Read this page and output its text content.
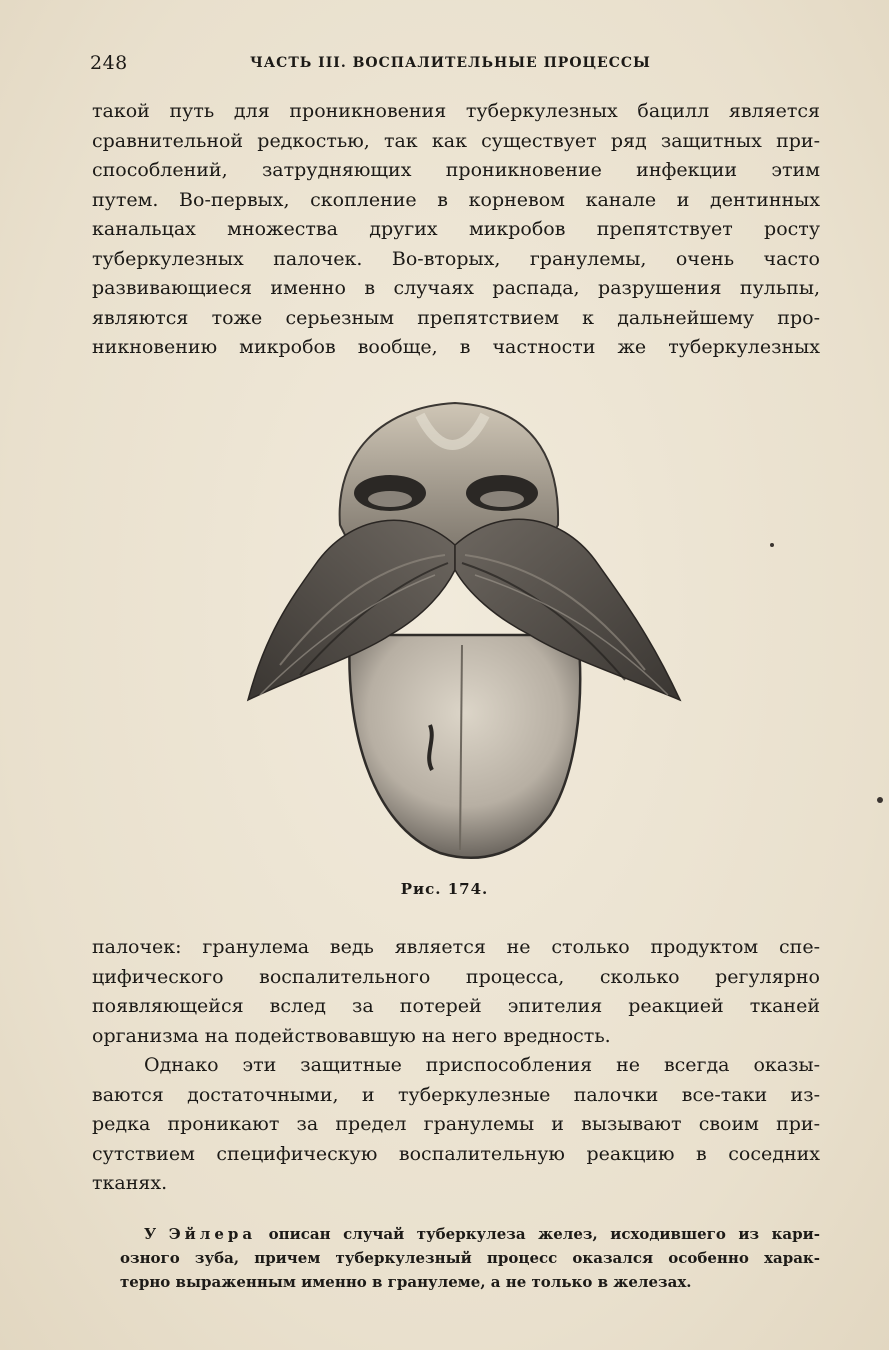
248	ЧАСТЬ III. ВОСПАЛИТЕЛЬНЫЕ ПРОЦЕССЫ
такой путь для проникновения туберкулезных бацилл является
сравнительной редкостью, так как существует ряд защитных при-
способлений, затрудняющих проникновение инфекции этим
путем. Во-первых, скопление в корневом канале и дентинных
канальцах множества других микробов препятствует росту
туберкулезных палочек. Во-вторых, гранулемы, очень часто
развивающиеся именно в случаях распада, разрушения пульпы,
являются тоже серьезным препятствием к дальнейшему про-
никновению микробов вообще, в частности же туберкулезных
Рис. 174.
палочек: гранулема ведь является не столько продуктом спе-
цифического воспалительного процесса, сколько регулярно
появляющейся вслед за потерей эпителия реакцией тканей
организма на подействовавшую на него вредность.
Однако эти защитные приспособления не всегда оказы-
ваются достаточными, и туберкулезные палочки все-таки из-
редка проникают за предел гранулемы и вызывают своим при-
сутствием специфическую воспалительную реакцию в соседних
тканях.
У Эйлера описан случай туберкулеза желез, исходившего из кари-
озного зуба, причем туберкулезный процесс оказался особенно харак-
терно выраженным именно в гранулеме, а не только в железах.
